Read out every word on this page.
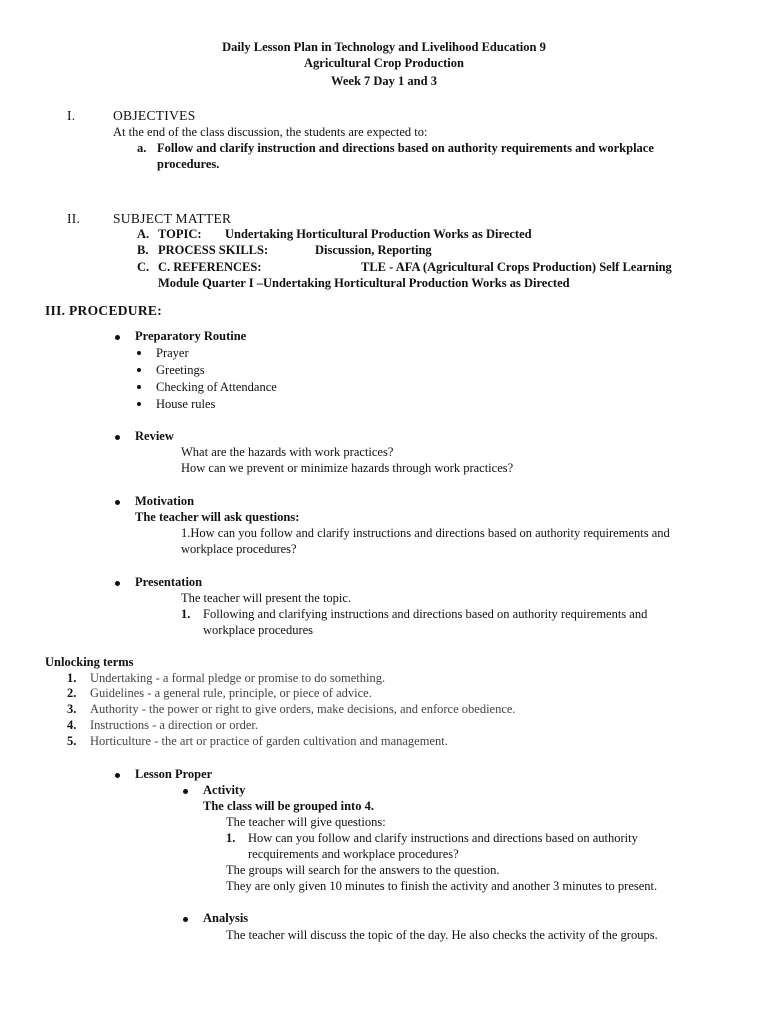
Daily Lesson Plan in Technology and Livelihood Education 9
Agricultural Crop Production
Week 7 Day 1 and 3
I.	OBJECTIVES
At the end of the class discussion, the students are expected to:
a. Follow and clarify instruction and directions based on authority requirements and workplace
procedures.
II. SUBJECT MATTER
A. TOPIC: Undertaking Horticultural Production Works as Directed
B. PROCESS SKILLS:	Discussion, Reporting
C. C. REFERENCES:	TLE - AFA (Agricultural Crops Production) Self Learning
Module Quarter I –Undertaking Horticultural Production Works as Directed
III. PROCEDURE:
Preparatory Routine
Prayer
Greetings
Checking of Attendance
House rules
Review
What are the hazards with work practices?
How can we prevent or minimize hazards through work practices?
Motivation
The teacher will ask questions:
1.How can you follow and clarify instructions and directions based on authority requirements and
workplace procedures?
Presentation
The teacher will present the topic.
1. Following and clarifying instructions and directions based on authority requirements and
workplace procedures
Unlocking terms
1. Undertaking - a formal pledge or promise to do something.
2. Guidelines - a general rule, principle, or piece of advice.
3. Authority - the power or right to give orders, make decisions, and enforce obedience.
4. Instructions - a direction or order.
5. Horticulture - the art or practice of garden cultivation and management.
Lesson Proper
Activity
The class will be grouped into 4.
The teacher will give questions:
1. How can you follow and clarify instructions and directions based on authority
recquirements and workplace procedures?
The groups will search for the answers to the question.
They are only given 10 minutes to finish the activity and another 3 minutes to present.
Analysis
The teacher will discuss the topic of the day. He also checks the activity of the groups.
